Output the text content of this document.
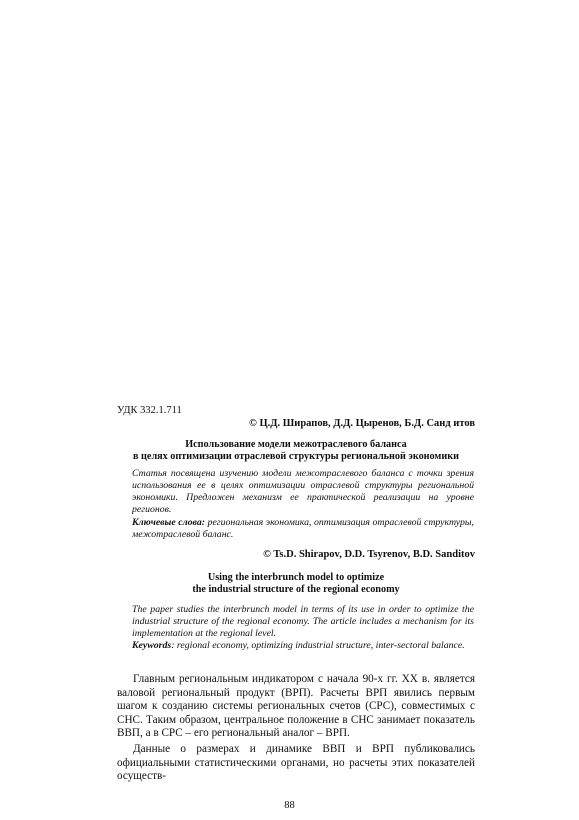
УДК 332.1.711
© Ц.Д. Ширапов, Д.Д. Цыренов, Б.Д. Санд итов
Использование модели межотраслевого баланса
в целях оптимизации отраслевой структуры региональной экономики
Статья посвящена изучению модели межотраслевого баланса с точки зрения использования ее в целях оптимизации отраслевой структуры региональной экономики. Предложен механизм ее практической реализации на уровне регионов.
Ключевые слова: региональная экономика, оптимизация отраслевой структуры, межотраслевой баланс.
© Ts.D. Shirapov, D.D. Tsyrenov, B.D. Sanditov
Using the interbrunch model to optimize
the industrial structure of the regional economy
The paper studies the interbrunch model in terms of its use in order to optimize the industrial structure of the regional economy. The article includes a mechanism for its implementation at the regional level.
Keywords: regional economy, optimizing industrial structure, inter-sectoral balance.

Главным региональным индикатором с начала 90-х гг. XX в. является валовой региональный продукт (ВРП). Расчеты ВРП явились первым шагом к созданию системы региональных счетов (СРС), совместимых с СНС. Таким образом, центральное положение в СНС занимает показатель ВВП, а в СРС – его региональный аналог – ВРП.

Данные о размерах и динамике ВВП и ВРП публиковались официальными статистическими органами, но расчеты этих показателей осуществ-

88
